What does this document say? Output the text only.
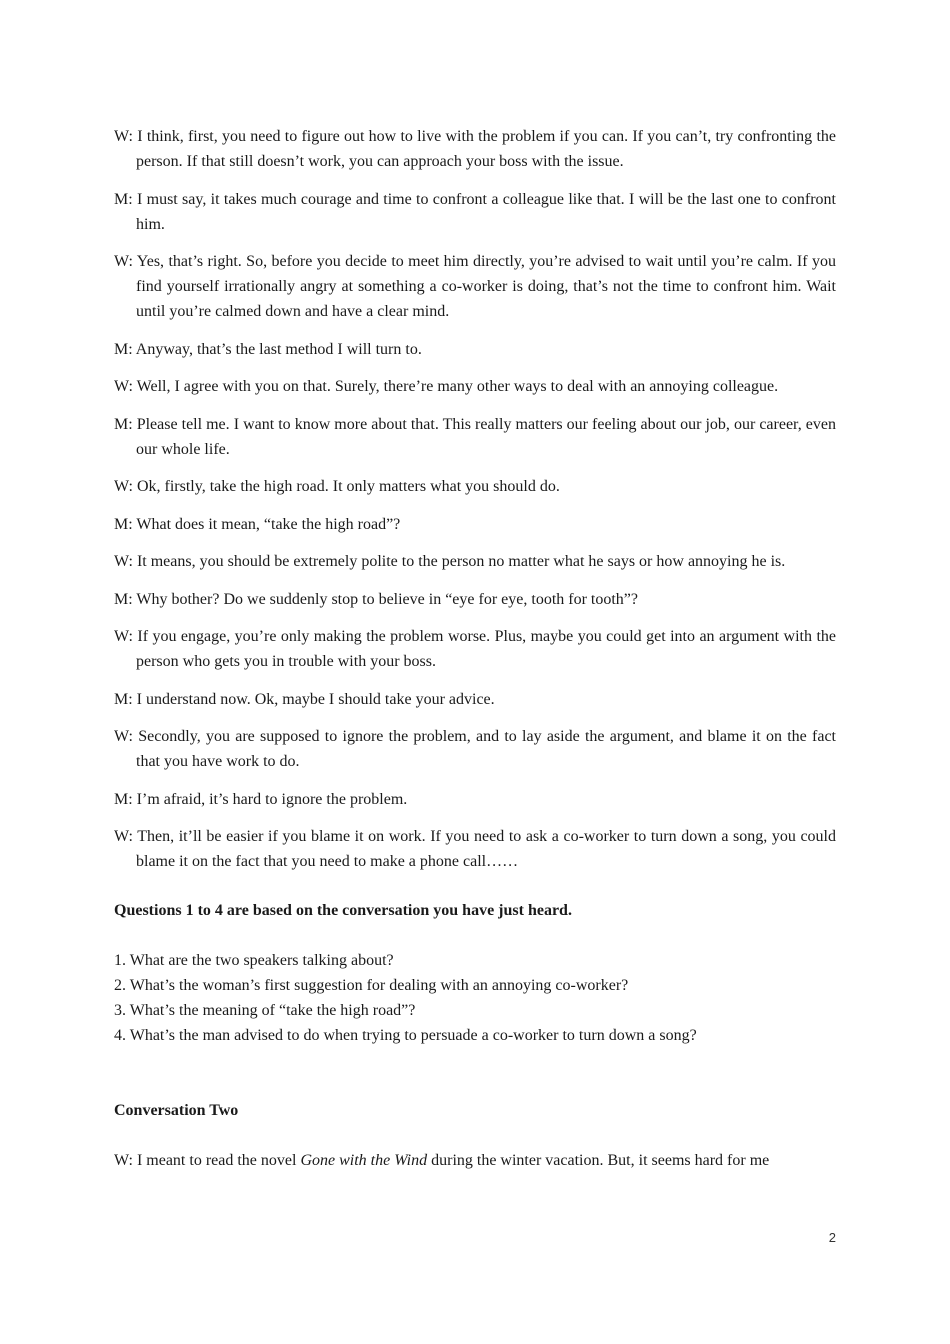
W: I think, first, you need to figure out how to live with the problem if you can. If you can’t, try confronting the person. If that still doesn’t work, you can approach your boss with the issue.

M: I must say, it takes much courage and time to confront a colleague like that. I will be the last one to confront him.

W: Yes, that’s right. So, before you decide to meet him directly, you’re advised to wait until you’re calm. If you find yourself irrationally angry at something a co-worker is doing, that’s not the time to confront him. Wait until you’re calmed down and have a clear mind.

M: Anyway, that’s the last method I will turn to.

W: Well, I agree with you on that. Surely, there’re many other ways to deal with an annoying colleague.

M: Please tell me. I want to know more about that. This really matters our feeling about our job, our career, even our whole life.

W: Ok, firstly, take the high road. It only matters what you should do.

M: What does it mean, “take the high road”?

W: It means, you should be extremely polite to the person no matter what he says or how annoying he is.

M: Why bother? Do we suddenly stop to believe in “eye for eye, tooth for tooth”?

W: If you engage, you’re only making the problem worse. Plus, maybe you could get into an argument with the person who gets you in trouble with your boss.

M: I understand now. Ok, maybe I should take your advice.

W: Secondly, you are supposed to ignore the problem, and to lay aside the argument, and blame it on the fact that you have work to do.

M: I’m afraid, it’s hard to ignore the problem.

W: Then, it’ll be easier if you blame it on work. If you need to ask a co-worker to turn down a song, you could blame it on the fact that you need to make a phone call……

Questions 1 to 4 are based on the conversation you have just heard.

1. What are the two speakers talking about?
2. What’s the woman’s first suggestion for dealing with an annoying co-worker?
3. What’s the meaning of “take the high road”?
4. What’s the man advised to do when trying to persuade a co-worker to turn down a song?

Conversation Two

W: I meant to read the novel Gone with the Wind during the winter vacation. But, it seems hard for me

2
